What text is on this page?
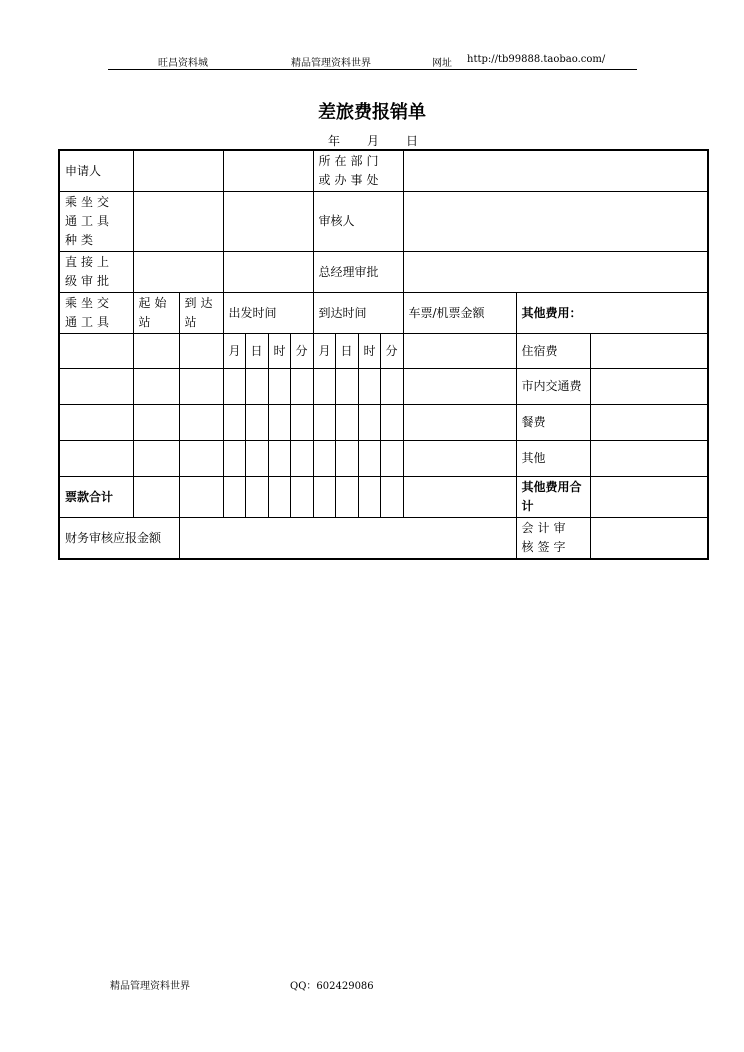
旺昌资料城	精品管理资料世界	网址 http://tb99888.taobao.com/
差旅费报销单
年 月 日
申请人							所在部门或办事处						
乘坐交通工具种类							审核人						
直接上级审批							总经理审批						
乘坐交通工具	起始站	到达站	出发时间				到达时间				车票/机票金额	其他费用：	
			月	日	时	分	月	日	时	分		住宿费	
												市内交通费	
												餐费	
												其他	
票款合计												其他费用合计	
财务审核应报金额												会计审核签字	
精品管理资料世界	QQ：602429086
